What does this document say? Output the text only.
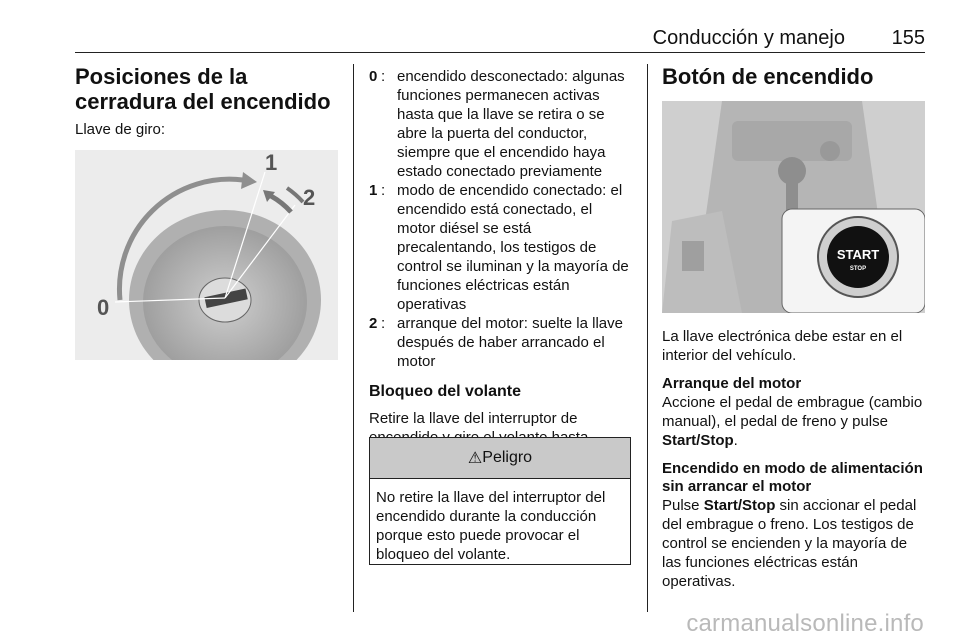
Conducción y manejo 155
Posiciones de la cerradura del encendido

Llave de giro:

1
2
0
0 : encendido desconectado: algunas funciones permanecen activas hasta que la llave se retira o se abre la puerta del conductor, siempre que el encendido haya estado conectado previamente
1 : modo de encendido conectado: el encendido está conectado, el motor diésel se está precalentando, los testigos de control se iluminan y la mayoría de funciones eléctricas están operativas
2 : arranque del motor: suelte la llave después de haber arrancado el motor

Bloqueo del volante

Retire la llave del interruptor de

⚠ Peligro
No retire la llave del interruptor del encendido durante la conducción porque esto puede provocar el bloqueo del volante.
Botón de encendido
START
STOP

La llave electrónica debe estar en el interior del vehículo.

Arranque del motor

Accione el pedal de embrague (cambio manual), el pedal de freno y pulse Start/Stop.

Encendido en modo de alimentación sin arrancar el motor

Pulse Start/Stop sin accionar el pedal del embrague o freno. Los testigos de control se encienden y la mayoría de las funciones eléctricas están operativas.

carmanualsonline.info
